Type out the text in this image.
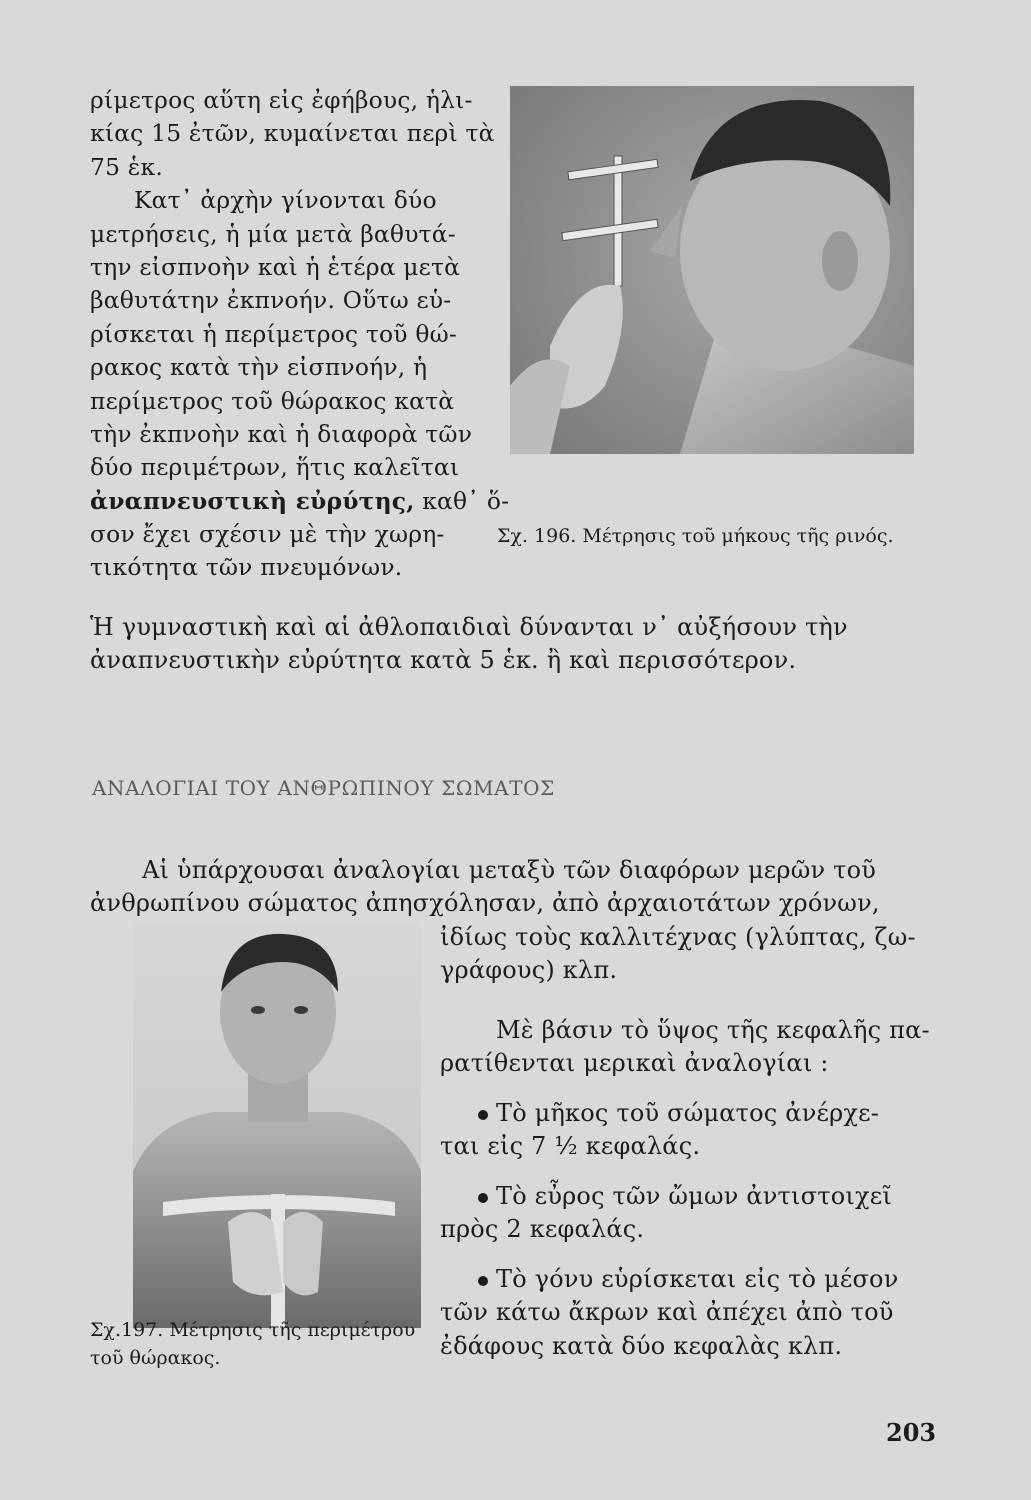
ρίμετρος αὕτη εἰς ἐφήβους, ἡλι-
κίας 15 ἐτῶν, κυμαίνεται περὶ τὰ
75 ἑκ.
Κατ᾽ ἀρχὴν γίνονται δύο
μετρήσεις, ἡ μία μετὰ βαθυτά-
την εἰσπνοὴν καὶ ἡ ἑτέρα μετὰ
βαθυτάτην ἐκπνοήν. Οὕτω εὑ-
ρίσκεται ἡ περίμετρος τοῦ θώ-
ρακος κατὰ τὴν εἰσπνοήν, ἡ
περίμετρος τοῦ θώρακος κατὰ
τὴν ἐκπνοὴν καὶ ἡ διαφορὰ τῶν
δύο περιμέτρων, ἥτις καλεῖται
ἀναπνευστικὴ εὐρύτης, καθ᾽ ὅ-
σον ἔχει σχέσιν μὲ τὴν χωρη-
τικότητα τῶν πνευμόνων.

Σχ. 196. Μέτρησις τοῦ μήκους τῆς ρινός.

Ἡ γυμναστικὴ καὶ αἱ ἀθλοπαιδιαὶ δύνανται ν᾽ αὐξήσουν τὴν
ἀναπνευστικὴν εὐρύτητα κατὰ 5 ἑκ. ἢ καὶ περισσότερον.
ΑΝΑΛΟΓΙΑΙ ΤΟΥ ΑΝΘΡΩΠΙΝΟΥ ΣΩΜΑΤΟΣ
Αἱ ὑπάρχουσαι ἀναλογίαι μεταξὺ τῶν διαφόρων μερῶν τοῦ
ἀνθρωπίνου σώματος ἀπησχόλησαν, ἀπὸ ἀρχαιοτάτων χρόνων,
ἰδίως τοὺς καλλιτέχνας (γλύπτας, ζω-
γράφους) κλπ.
Μὲ βάσιν τὸ ὕψος τῆς κεφαλῆς πα-
ρατίθενται μερικαὶ ἀναλογίαι :
Τὸ μῆκος τοῦ σώματος ἀνέρχε-
ται εἰς 7 ½ κεφαλάς.
Τὸ εὖρος τῶν ὤμων ἀντιστοιχεῖ
πρὸς 2 κεφαλάς.
Τὸ γόνυ εὑρίσκεται εἰς τὸ μέσον
τῶν κάτω ἄκρων καὶ ἀπέχει ἀπὸ τοῦ
ἐδάφους κατὰ δύο κεφαλὰς κλπ.
Σχ.197. Μέτρησις τῆς περιμέτρου
τοῦ θώρακος.

203
